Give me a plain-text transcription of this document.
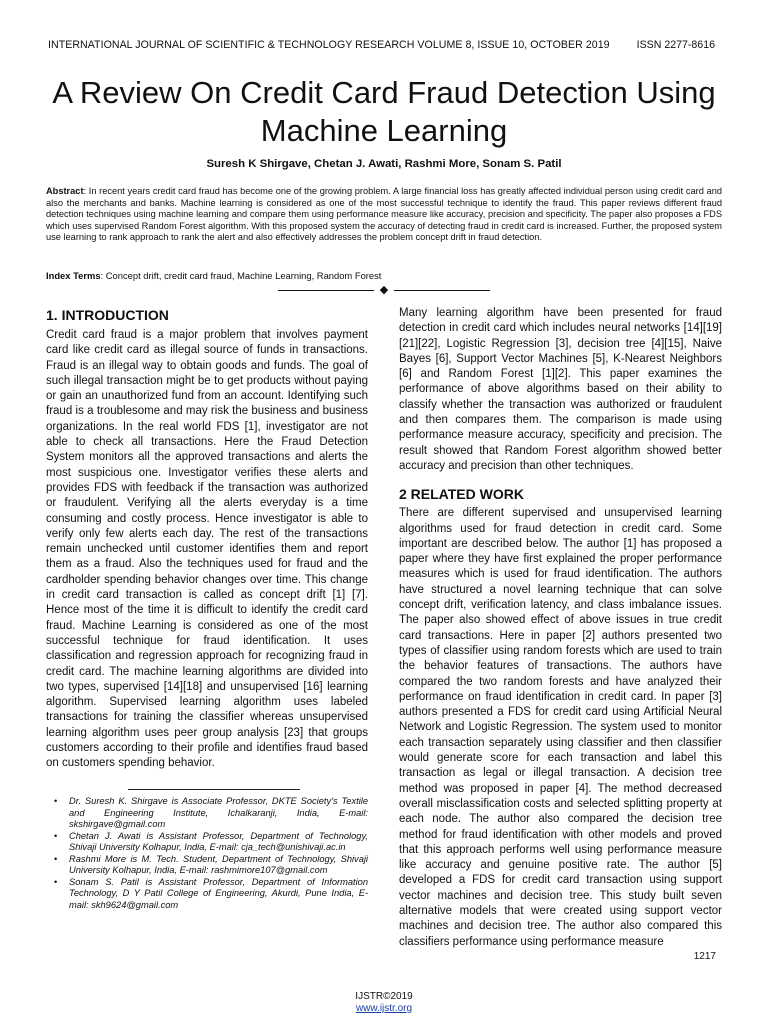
INTERNATIONAL JOURNAL OF SCIENTIFIC & TECHNOLOGY RESEARCH VOLUME 8, ISSUE 10, OCTOBER 2019	ISSN 2277-8616
A Review On Credit Card Fraud Detection Using Machine Learning
Suresh K Shirgave, Chetan J. Awati, Rashmi More, Sonam S. Patil
Abstract: In recent years credit card fraud has become one of the growing problem. A large financial loss has greatly affected individual person using credit card and also the merchants and banks. Machine learning is considered as one of the most successful technique to identify the fraud. This paper reviews different fraud detection techniques using machine learning and compare them using performance measure like accuracy, precision and specificity. The paper also proposes a FDS which uses supervised Random Forest algorithm. With this proposed system the accuracy of detecting fraud in credit card is increased. Further, the proposed system use learning to rank approach to rank the alert and also effectively addresses the problem concept drift in fraud detection.
Index Terms: Concept drift, credit card fraud, Machine Learning, Random Forest
◆
1. INTRODUCTION

Credit card fraud is a major problem that involves payment card like credit card as illegal source of funds in transactions. Fraud is an illegal way to obtain goods and funds. The goal of such illegal transaction might be to get products without paying or gain an unauthorized fund from an account. Identifying such fraud is a troublesome and may risk the business and business organizations. In the real world FDS [1], investigator are not able to check all transactions. Here the Fraud Detection System monitors all the approved transactions and alerts the most suspicious one. Investigator verifies these alerts and provides FDS with feedback if the transaction was authorized or fraudulent. Verifying all the alerts everyday is a time consuming and costly process. Hence investigator is able to verify only few alerts each day. The rest of the transactions remain unchecked until customer identifies them and report them as a fraud. Also the techniques used for fraud and the cardholder spending behavior changes over time. This change in credit card transaction is called as concept drift [1] [7]. Hence most of the time it is difficult to identify the credit card fraud. Machine Learning is considered as one of the most successful technique for fraud identification. It uses classification and regression approach for recognizing fraud in credit card. The machine learning algorithms are divided into two types, supervised [14][18] and unsupervised [16] learning algorithm. Supervised learning algorithm uses labeled transactions for training the classifier whereas unsupervised learning algorithm uses peer group analysis [23] that groups customers according to their profile and identifies fraud based on customers spending behavior.

• Dr. Suresh K. Shirgave is Associate Professor, DKTE Society's Textile and Engineering Institute, Ichalkaranji, India, E-mail: skshirgave@gmail.com
• Chetan J. Awati is Assistant Professor, Department of Technology, Shivaji University Kolhapur, India, E-mail: cja_tech@unishivaji.ac.in
• Rashmi More is M. Tech. Student, Department of Technology, Shivaji University Kolhapur, India, E-mail: rashmimore107@gmail.com
• Sonam S. Patil is Assistant Professor, Department of Information Technology, D Y Patil College of Engineering, Akurdi, Pune India, E-mail: skh9624@gmail.com

Many learning algorithm have been presented for fraud detection in credit card which includes neural networks [14][19][21][22], Logistic Regression [3], decision tree [4][15], Naive Bayes [6], Support Vector Machines [5], K-Nearest Neighbors [6] and Random Forest [1][2]. This paper examines the performance of above algorithms based on their ability to classify whether the transaction was authorized or fraudulent and then compares them. The comparison is made using performance measure accuracy, specificity and precision. The result showed that Random Forest algorithm showed better accuracy and precision than other techniques.

2 RELATED WORK

There are different supervised and unsupervised learning algorithms used for fraud detection in credit card. Some important are described below. The author [1] has proposed a paper where they have first explained the proper performance measures which is used for fraud identification. The authors have structured a novel learning technique that can solve concept drift, verification latency, and class imbalance issues. The paper also showed effect of above issues in true credit card transactions. Here in paper [2] authors presented two types of classifier using random forests which are used to train the behavior features of transactions. The authors have compared the two random forests and have analyzed their performance on fraud identification in credit card. In paper [3] authors presented a FDS for credit card using Artificial Neural Network and Logistic Regression. The system used to monitor each transaction separately using classifier and then classifier would generate score for each transaction and label this transaction as legal or illegal transaction. A decision tree method was proposed in paper [4]. The method decreased overall misclassification costs and selected splitting property at each node. The author also compared the decision tree method for fraud identification with other models and proved that this approach performs well using performance measure like accuracy and genuine positive rate. The author [5] developed a FDS for credit card transaction using support vector machines and decision tree. This study built seven alternative models that were created using support vector machines and decision tree. The author also compared this classifiers performance using performance measure

1217
IJSTR©2019
www.ijstr.org
